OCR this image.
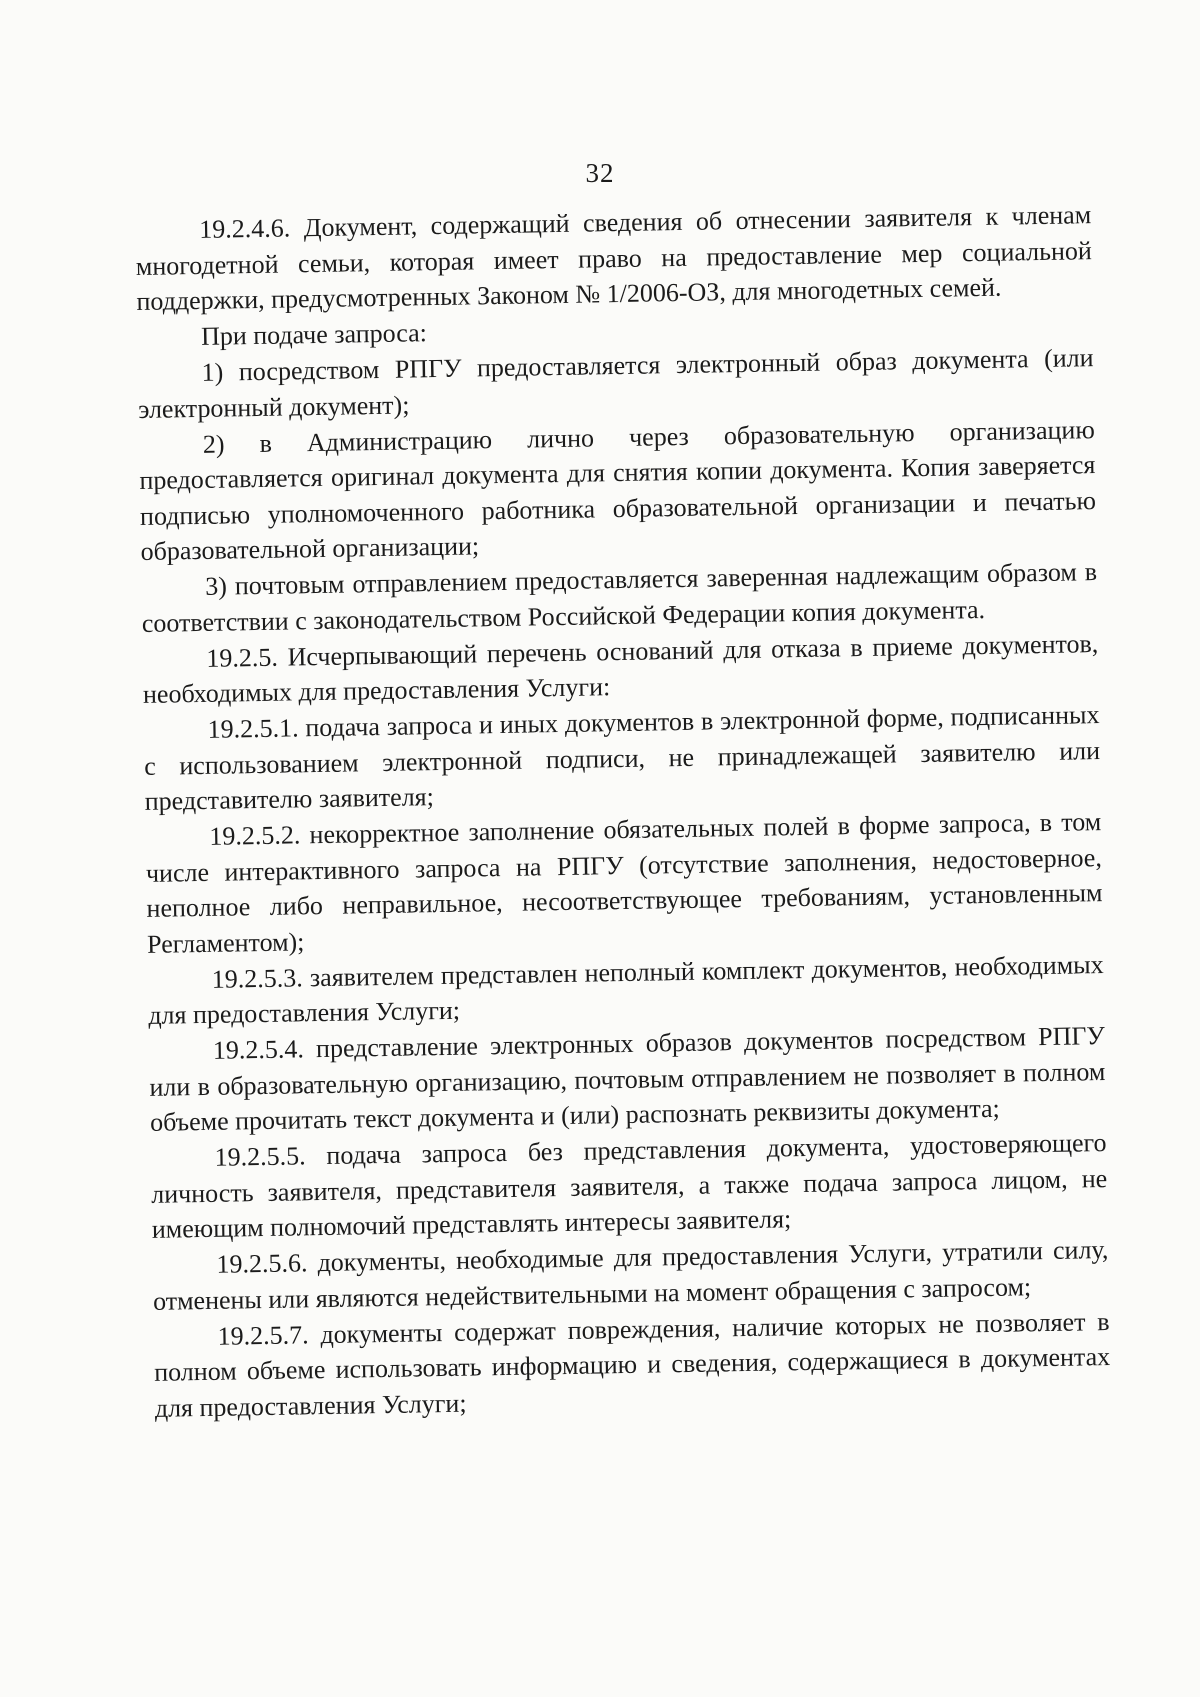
32

19.2.4.6. Документ, содержащий сведения об отнесении заявителя к членам многодетной семьи, которая имеет право на предоставление мер социальной поддержки, предусмотренных Законом № 1/2006-ОЗ, для многодетных семей.

При подаче запроса:

1) посредством РПГУ предоставляется электронный образ документа (или электронный документ);

2) в Администрацию лично через образовательную организацию предоставляется оригинал документа для снятия копии документа. Копия заверяется подписью уполномоченного работника образовательной организации и печатью образовательной организации;

3) почтовым отправлением предоставляется заверенная надлежащим образом в соответствии с законодательством Российской Федерации копия документа.

19.2.5. Исчерпывающий перечень оснований для отказа в приеме документов, необходимых для предоставления Услуги:

19.2.5.1. подача запроса и иных документов в электронной форме, подписанных с использованием электронной подписи, не принадлежащей заявителю или представителю заявителя;

19.2.5.2. некорректное заполнение обязательных полей в форме запроса, в том числе интерактивного запроса на РПГУ (отсутствие заполнения, недостоверное, неполное либо неправильное, несоответствующее требованиям, установленным Регламентом);

19.2.5.3. заявителем представлен неполный комплект документов, необходимых для предоставления Услуги;

19.2.5.4. представление электронных образов документов посредством РПГУ или в образовательную организацию, почтовым отправлением не позволяет в полном объеме прочитать текст документа и (или) распознать реквизиты документа;

19.2.5.5. подача запроса без представления документа, удостоверяющего личность заявителя, представителя заявителя, а также подача запроса лицом, не имеющим полномочий представлять интересы заявителя;

19.2.5.6. документы, необходимые для предоставления Услуги, утратили силу, отменены или являются недействительными на момент обращения с запросом;

19.2.5.7. документы содержат повреждения, наличие которых не позволяет в полном объеме использовать информацию и сведения, содержащиеся в документах для предоставления Услуги;
